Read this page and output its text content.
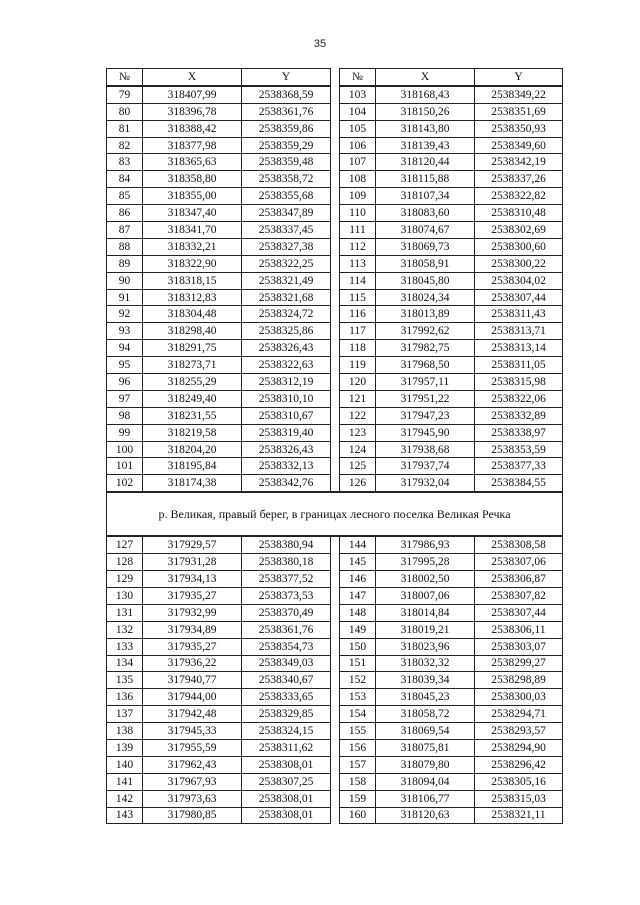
35
№	X	Y		№	X	Y
79	318407,99	2538368,59		103	318168,43	2538349,22
80	318396,78	2538361,76		104	318150,26	2538351,69
81	318388,42	2538359,86		105	318143,80	2538350,93
82	318377,98	2538359,29		106	318139,43	2538349,60
83	318365,63	2538359,48		107	318120,44	2538342,19
84	318358,80	2538358,72		108	318115,88	2538337,26
85	318355,00	2538355,68		109	318107,34	2538322,82
86	318347,40	2538347,89		110	318083,60	2538310,48
87	318341,70	2538337,45		111	318074,67	2538302,69
88	318332,21	2538327,38		112	318069,73	2538300,60
89	318322,90	2538322,25		113	318058,91	2538300,22
90	318318,15	2538321,49		114	318045,80	2538304,02
91	318312,83	2538321,68		115	318024,34	2538307,44
92	318304,48	2538324,72		116	318013,89	2538311,43
93	318298,40	2538325,86		117	317992,62	2538313,71
94	318291,75	2538326,43		118	317982,75	2538313,14
95	318273,71	2538322,63		119	317968,50	2538311,05
96	318255,29	2538312,19		120	317957,11	2538315,98
97	318249,40	2538310,10		121	317951,22	2538322,06
98	318231,55	2538310,67		122	317947,23	2538332,89
99	318219,58	2538319,40		123	317945,90	2538338,97
100	318204,20	2538326,43		124	317938,68	2538353,59
101	318195,84	2538332,13		125	317937,74	2538377,33
102	318174,38	2538342,76		126	317932,04	2538384,55
р. Великая, правый берег, в границах лесного поселка Великая Речка						
127	317929,57	2538380,94		144	317986,93	2538308,58
128	317931,28	2538380,18		145	317995,28	2538307,06
129	317934,13	2538377,52		146	318002,50	2538306,87
130	317935,27	2538373,53		147	318007,06	2538307,82
131	317932,99	2538370,49		148	318014,84	2538307,44
132	317934,89	2538361,76		149	318019,21	2538306,11
133	317935,27	2538354,73		150	318023,96	2538303,07
134	317936,22	2538349,03		151	318032,32	2538299,27
135	317940,77	2538340,67		152	318039,34	2538298,89
136	317944,00	2538333,65		153	318045,23	2538300,03
137	317942,48	2538329,85		154	318058,72	2538294,71
138	317945,33	2538324,15		155	318069,54	2538293,57
139	317955,59	2538311,62		156	318075,81	2538294,90
140	317962,43	2538308,01		157	318079,80	2538296,42
141	317967,93	2538307,25		158	318094,04	2538305,16
142	317973,63	2538308,01		159	318106,77	2538315,03
143	317980,85	2538308,01		160	318120,63	2538321,11
